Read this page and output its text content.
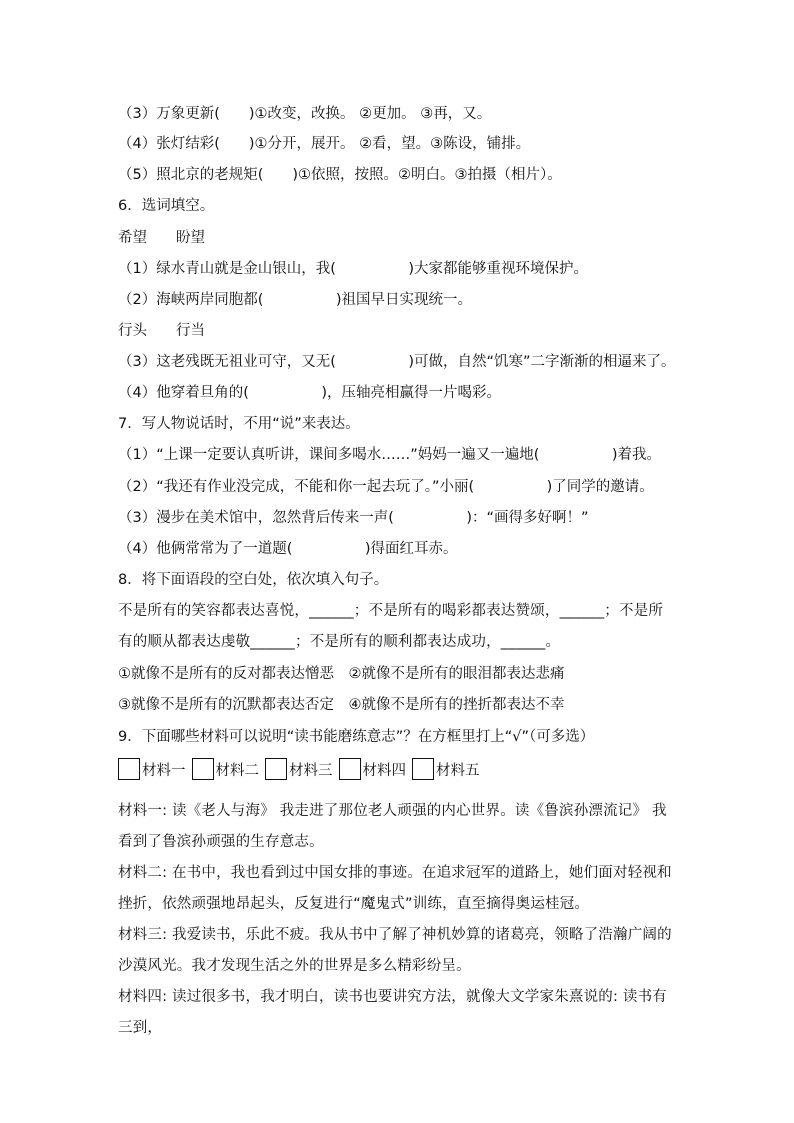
（3）万象更新(　　)①改变，改换。 ②更加。 ③再，又。
（4）张灯结彩(　　)①分开，展开。 ②看，望。③陈设，铺排。
（5）照北京的老规矩(　　)①依照，按照。②明白。③拍摄（相片）。
6．选词填空。
希望　　盼望
（1）绿水青山就是金山银山，我(　　　　　)大家都能够重视环境保护。
（2）海峡两岸同胞都(　　　　　)祖国早日实现统一。
行头　　行当
（3）这老残既无祖业可守，又无(　　　　　)可做，自然“饥寒”二字渐渐的相逼来了。
（4）他穿着旦角的(　　　　　)，压轴亮相赢得一片喝彩。
7．写人物说话时，不用“说”来表达。
（1）“上课一定要认真听讲，课间多喝水……”妈妈一遍又一遍地(　　　　　)着我。
（2）“我还有作业没完成，不能和你一起去玩了。”小丽(　　　　　)了同学的邀请。
（3）漫步在美术馆中，忽然背后传来一声(　　　　　)：“画得多好啊！”
（4）他俩常常为了一道题(　　　　　)得面红耳赤。
8．将下面语段的空白处，依次填入句子。
不是所有的笑容都表达喜悦，______；不是所有的喝彩都表达赞颂，______；不是所有的顺从都表达虔敬______；不是所有的顺利都表达成功，______。
①就像不是所有的反对都表达憎恶　②就像不是所有的眼泪都表达悲痛
③就像不是所有的沉默都表达否定　④就像不是所有的挫折都表达不幸
9．下面哪些材料可以说明“读书能磨练意志”？在方框里打上“√”（可多选）
材料一 材料二 材料三 材料四 材料五
材料一: 读《老人与海》 我走进了那位老人顽强的内心世界。读《鲁滨孙漂流记》 我看到了鲁滨孙顽强的生存意志。
材料二: 在书中，我也看到过中国女排的事迹。在追求冠军的道路上，她们面对轻视和挫折，依然顽强地昂起头，反复进行“魔鬼式”训练，直至摘得奥运桂冠。
材料三: 我爱读书，乐此不疲。我从书中了解了神机妙算的诸葛亮，领略了浩瀚广阔的沙漠风光。我才发现生活之外的世界是多么精彩纷呈。
材料四: 读过很多书，我才明白，读书也要讲究方法，就像大文学家朱熹说的: 读书有三到，
